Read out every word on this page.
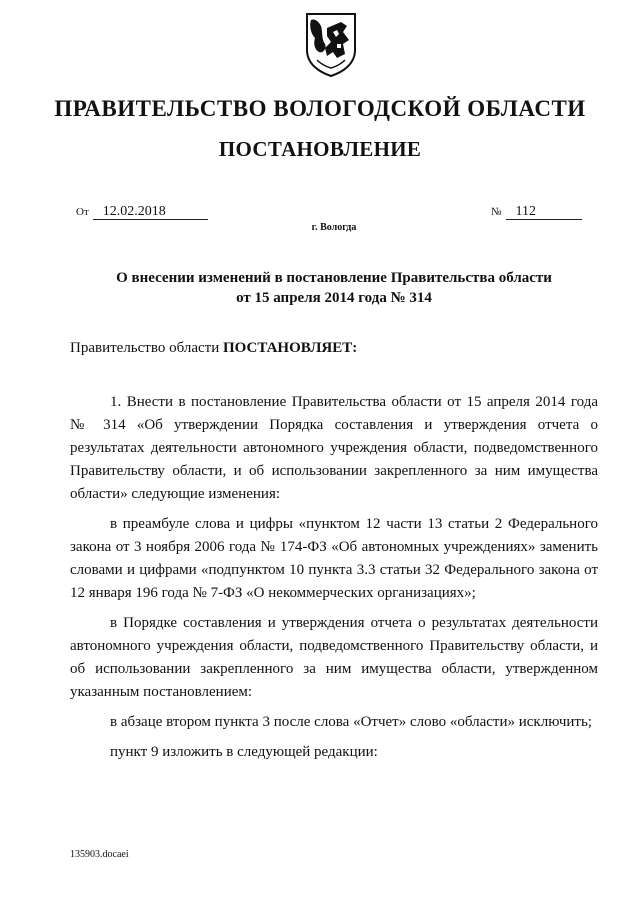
ПРАВИТЕЛЬСТВО ВОЛОГОДСКОЙ ОБЛАСТИ
ПОСТАНОВЛЕНИЕ
От 12.02.2018	№ 112
г. Вологда
О внесении изменений в постановление Правительства области
от 15 апреля 2014 года № 314
Правительство области ПОСТАНОВЛЯЕТ:

1. Внести в постановление Правительства области от 15 апреля 2014 года № 314 «Об утверждении Порядка составления и утверждения отчета о результатах деятельности автономного учреждения области, подведомственного Правительству области, и об использовании закрепленного за ним имущества области» следующие изменения:

в преамбуле слова и цифры «пунктом 12 части 13 статьи 2 Федерального закона от 3 ноября 2006 года № 174-ФЗ «Об автономных учреждениях» заменить словами и цифрами «подпунктом 10 пункта 3.3 статьи 32 Федерального закона от 12 января 196 года № 7-ФЗ «О некоммерческих организациях»;

в Порядке составления и утверждения отчета о результатах деятельности автономного учреждения области, подведомственного Правительству области, и об использовании закрепленного за ним имущества области, утвержденном указанным постановлением:

в абзаце втором пункта 3 после слова «Отчет» слово «области» исключить;

пункт 9 изложить в следующей редакции:

135903.docaei
